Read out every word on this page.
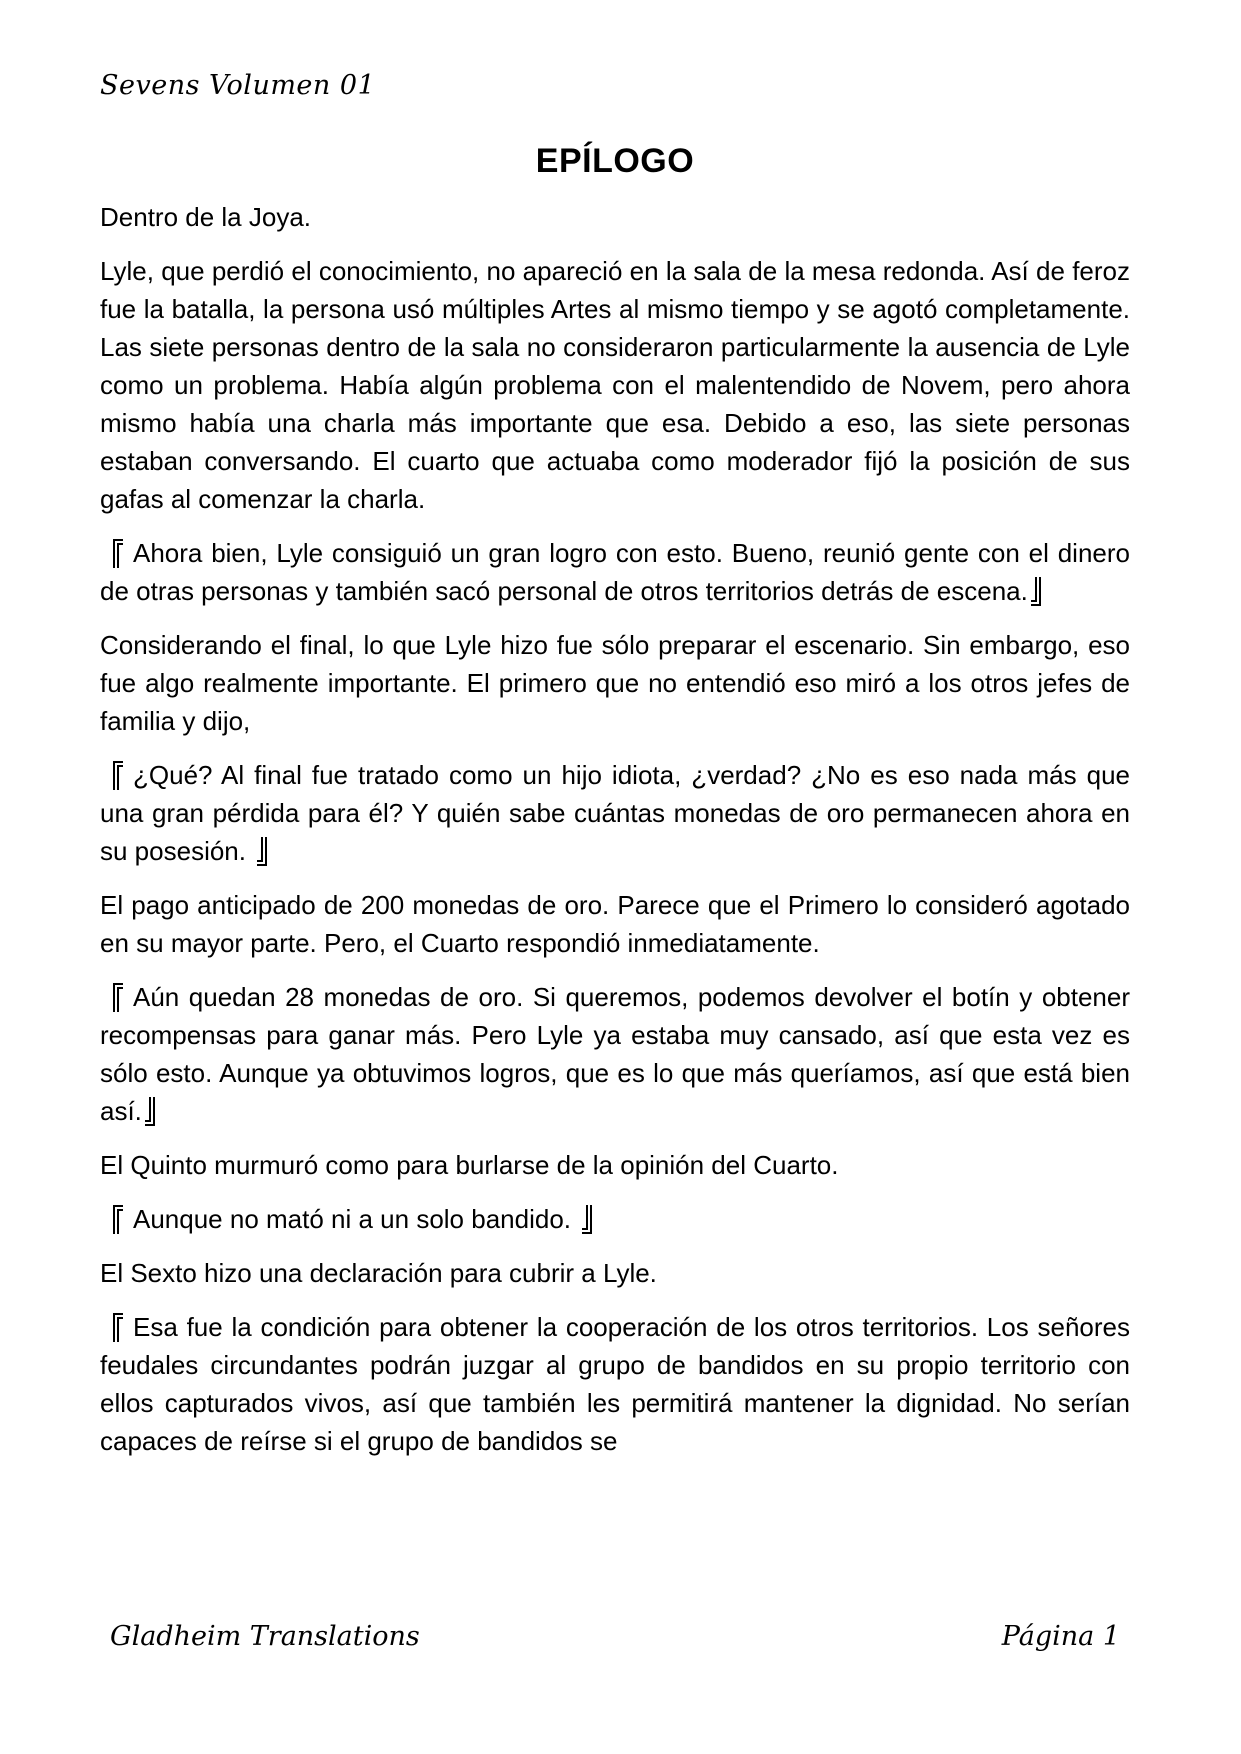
Sevens Volumen 01
EPÍLOGO

Dentro de la Joya.

Lyle, que perdió el conocimiento, no apareció en la sala de la mesa redonda. Así de feroz fue la batalla, la persona usó múltiples Artes al mismo tiempo y se agotó completamente. Las siete personas dentro de la sala no consideraron particularmente la ausencia de Lyle como un problema. Había algún problema con el malentendido de Novem, pero ahora mismo había una charla más importante que esa. Debido a eso, las siete personas estaban conversando. El cuarto que actuaba como moderador fijó la posición de sus gafas al comenzar la charla.

Ahora bien, Lyle consiguió un gran logro con esto. Bueno, reunió gente con el dinero de otras personas y también sacó personal de otros territorios detrás de escena.

Considerando el final, lo que Lyle hizo fue sólo preparar el escenario. Sin embargo, eso fue algo realmente importante. El primero que no entendió eso miró a los otros jefes de familia y dijo,

¿Qué? Al final fue tratado como un hijo idiota, ¿verdad? ¿No es eso nada más que una gran pérdida para él? Y quién sabe cuántas monedas de oro permanecen ahora en su posesión.

El pago anticipado de 200 monedas de oro. Parece que el Primero lo consideró agotado en su mayor parte. Pero, el Cuarto respondió inmediatamente.

Aún quedan 28 monedas de oro. Si queremos, podemos devolver el botín y obtener recompensas para ganar más. Pero Lyle ya estaba muy cansado, así que esta vez es sólo esto. Aunque ya obtuvimos logros, que es lo que más queríamos, así que está bien así.

El Quinto murmuró como para burlarse de la opinión del Cuarto.

Aunque no mató ni a un solo bandido.

El Sexto hizo una declaración para cubrir a Lyle.

Esa fue la condición para obtener la cooperación de los otros territorios. Los señores feudales circundantes podrán juzgar al grupo de bandidos en su propio territorio con ellos capturados vivos, así que también les permitirá mantener la dignidad. No serían capaces de reírse si el grupo de bandidos se

Gladheim Translations	Página 1
